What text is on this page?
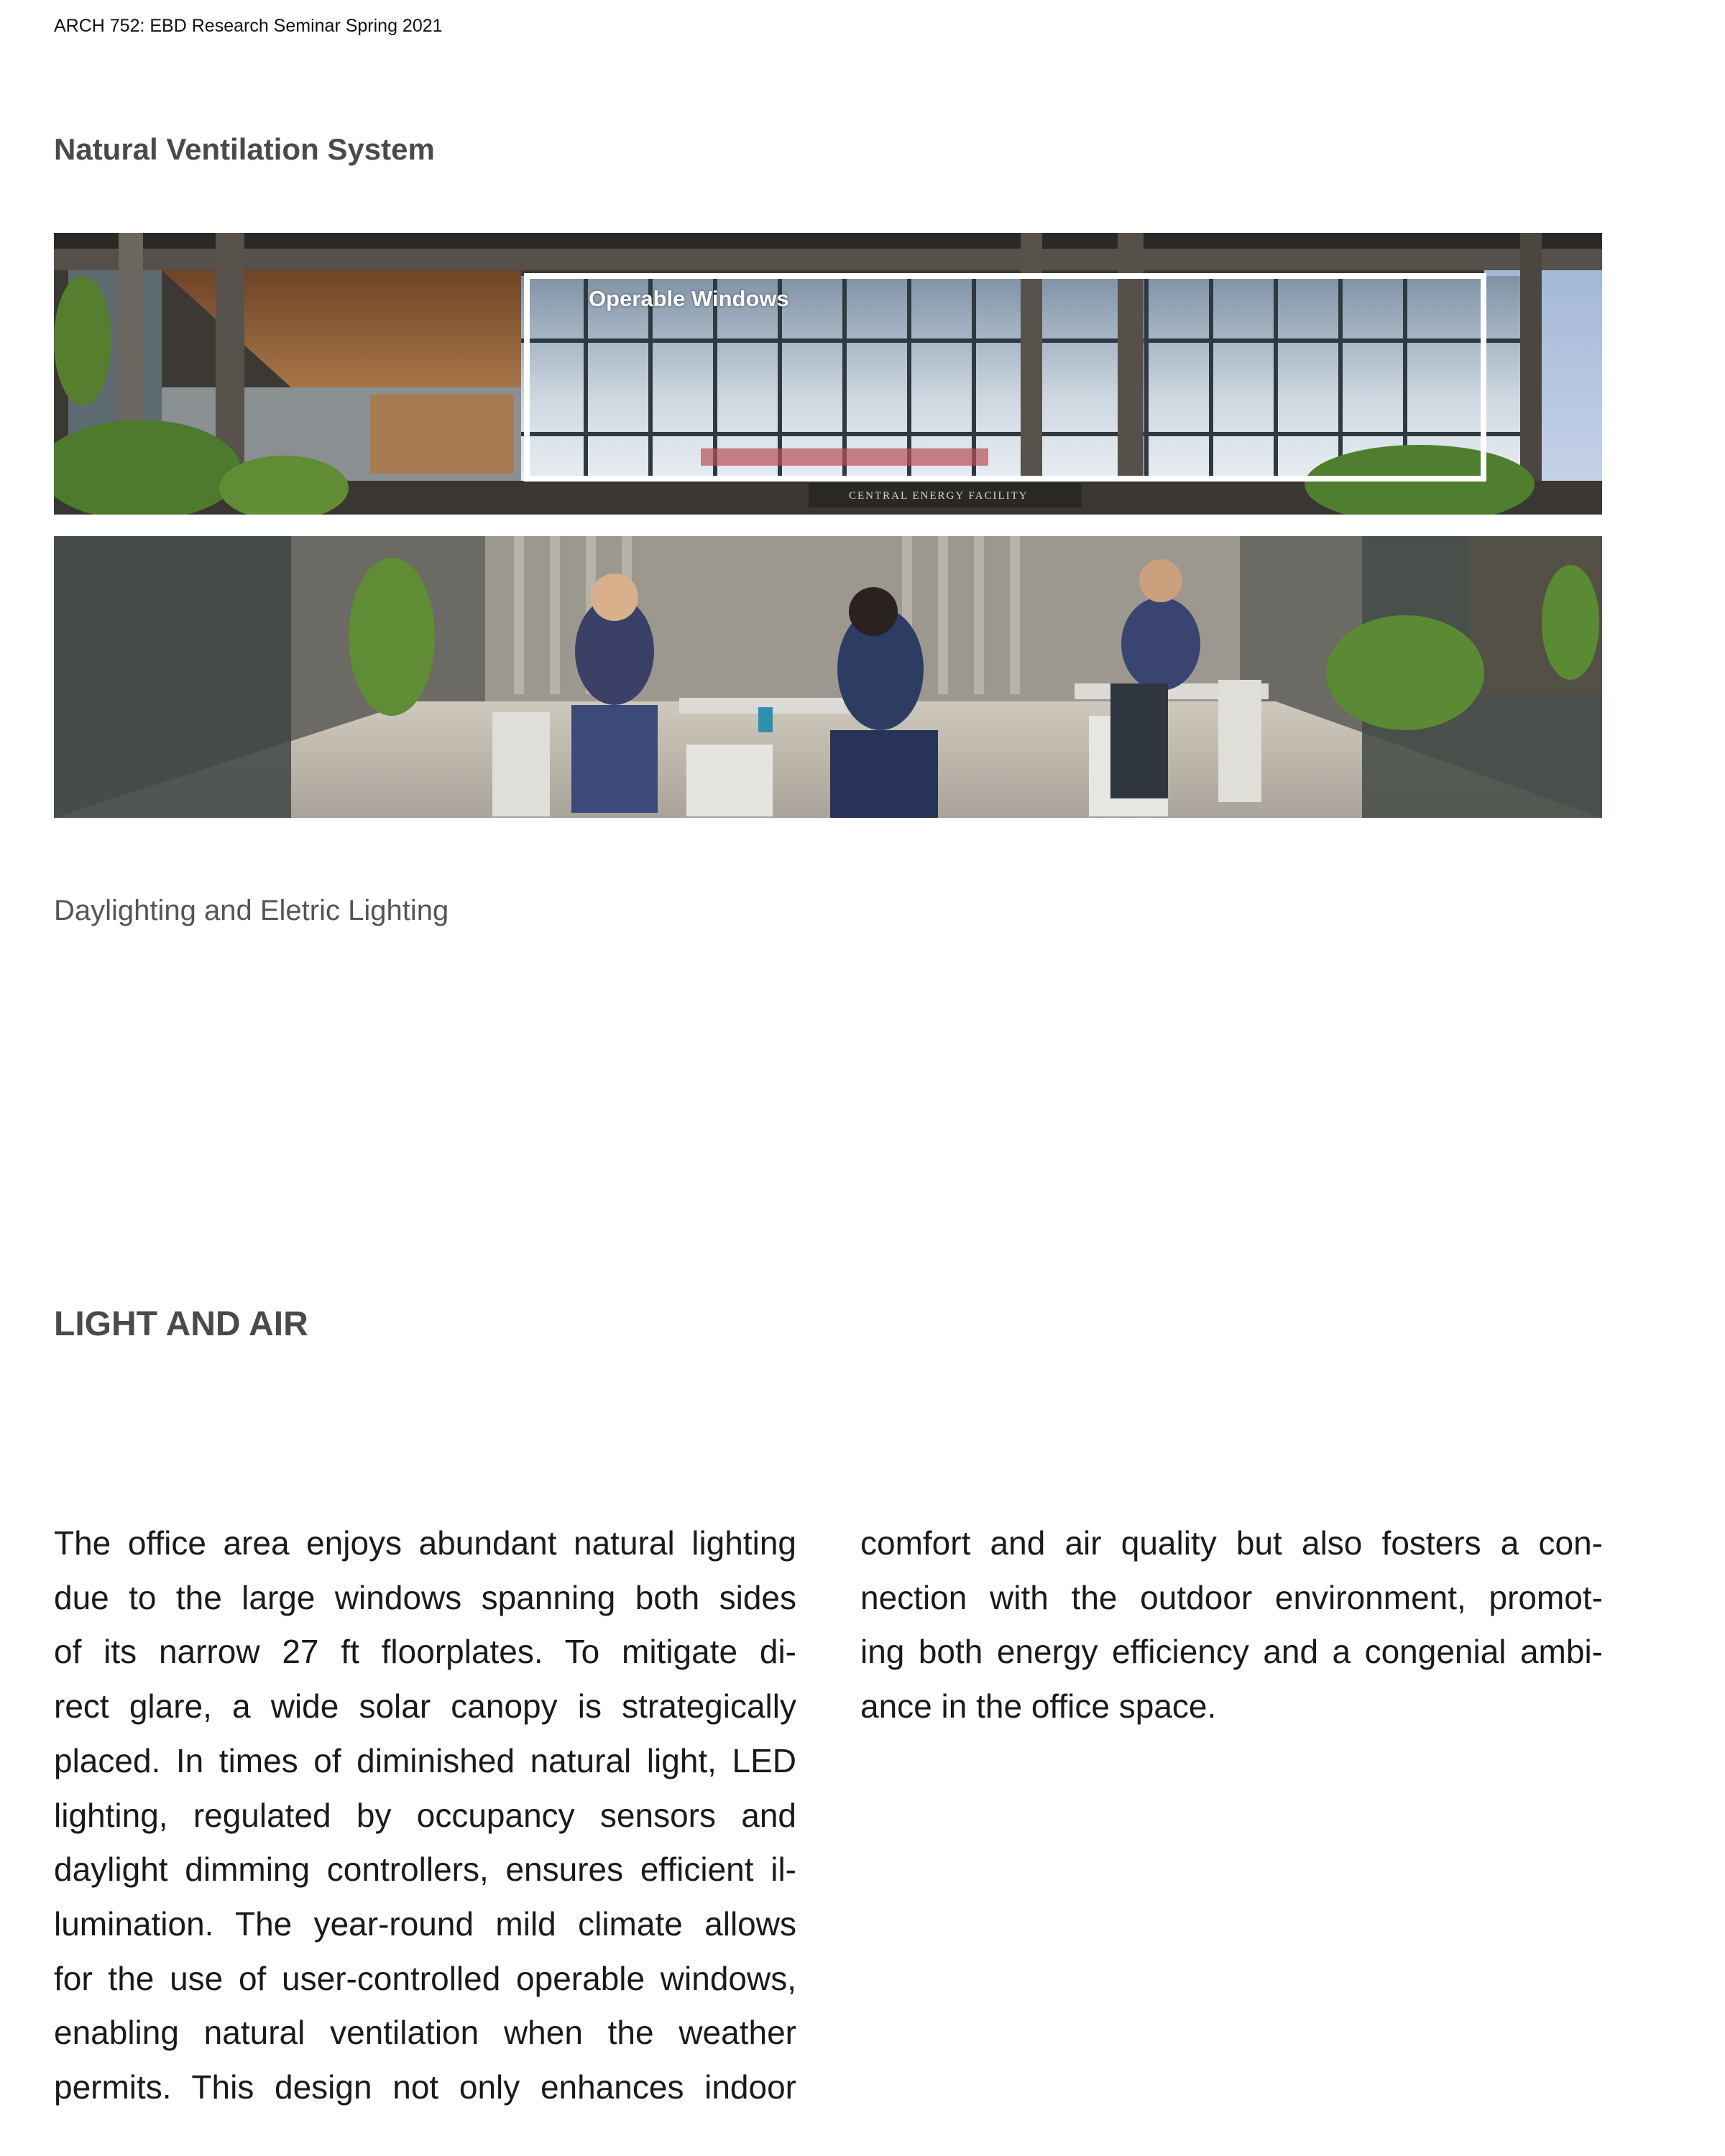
ARCH 752: EBD Research Seminar Spring 2021
Natural Ventilation System
Operable Windows
CENTRAL ENERGY FACILITY
Daylighting and Eletric Lighting
LIGHT AND AIR
The office area enjoys abundant natural lighting
due to the large windows spanning both sides
of its narrow 27 ft floorplates. To mitigate di-
rect glare, a wide solar canopy is strategically
placed. In times of diminished natural light, LED
lighting, regulated by occupancy sensors and
daylight dimming controllers, ensures efficient il-
lumination. The year-round mild climate allows
for the use of user-controlled operable windows,
enabling natural ventilation when the weather
permits. This design not only enhances indoor
comfort and air quality but also fosters a con-
nection with the outdoor environment, promot-
ing both energy efficiency and a congenial ambi-
ance in the office space.
